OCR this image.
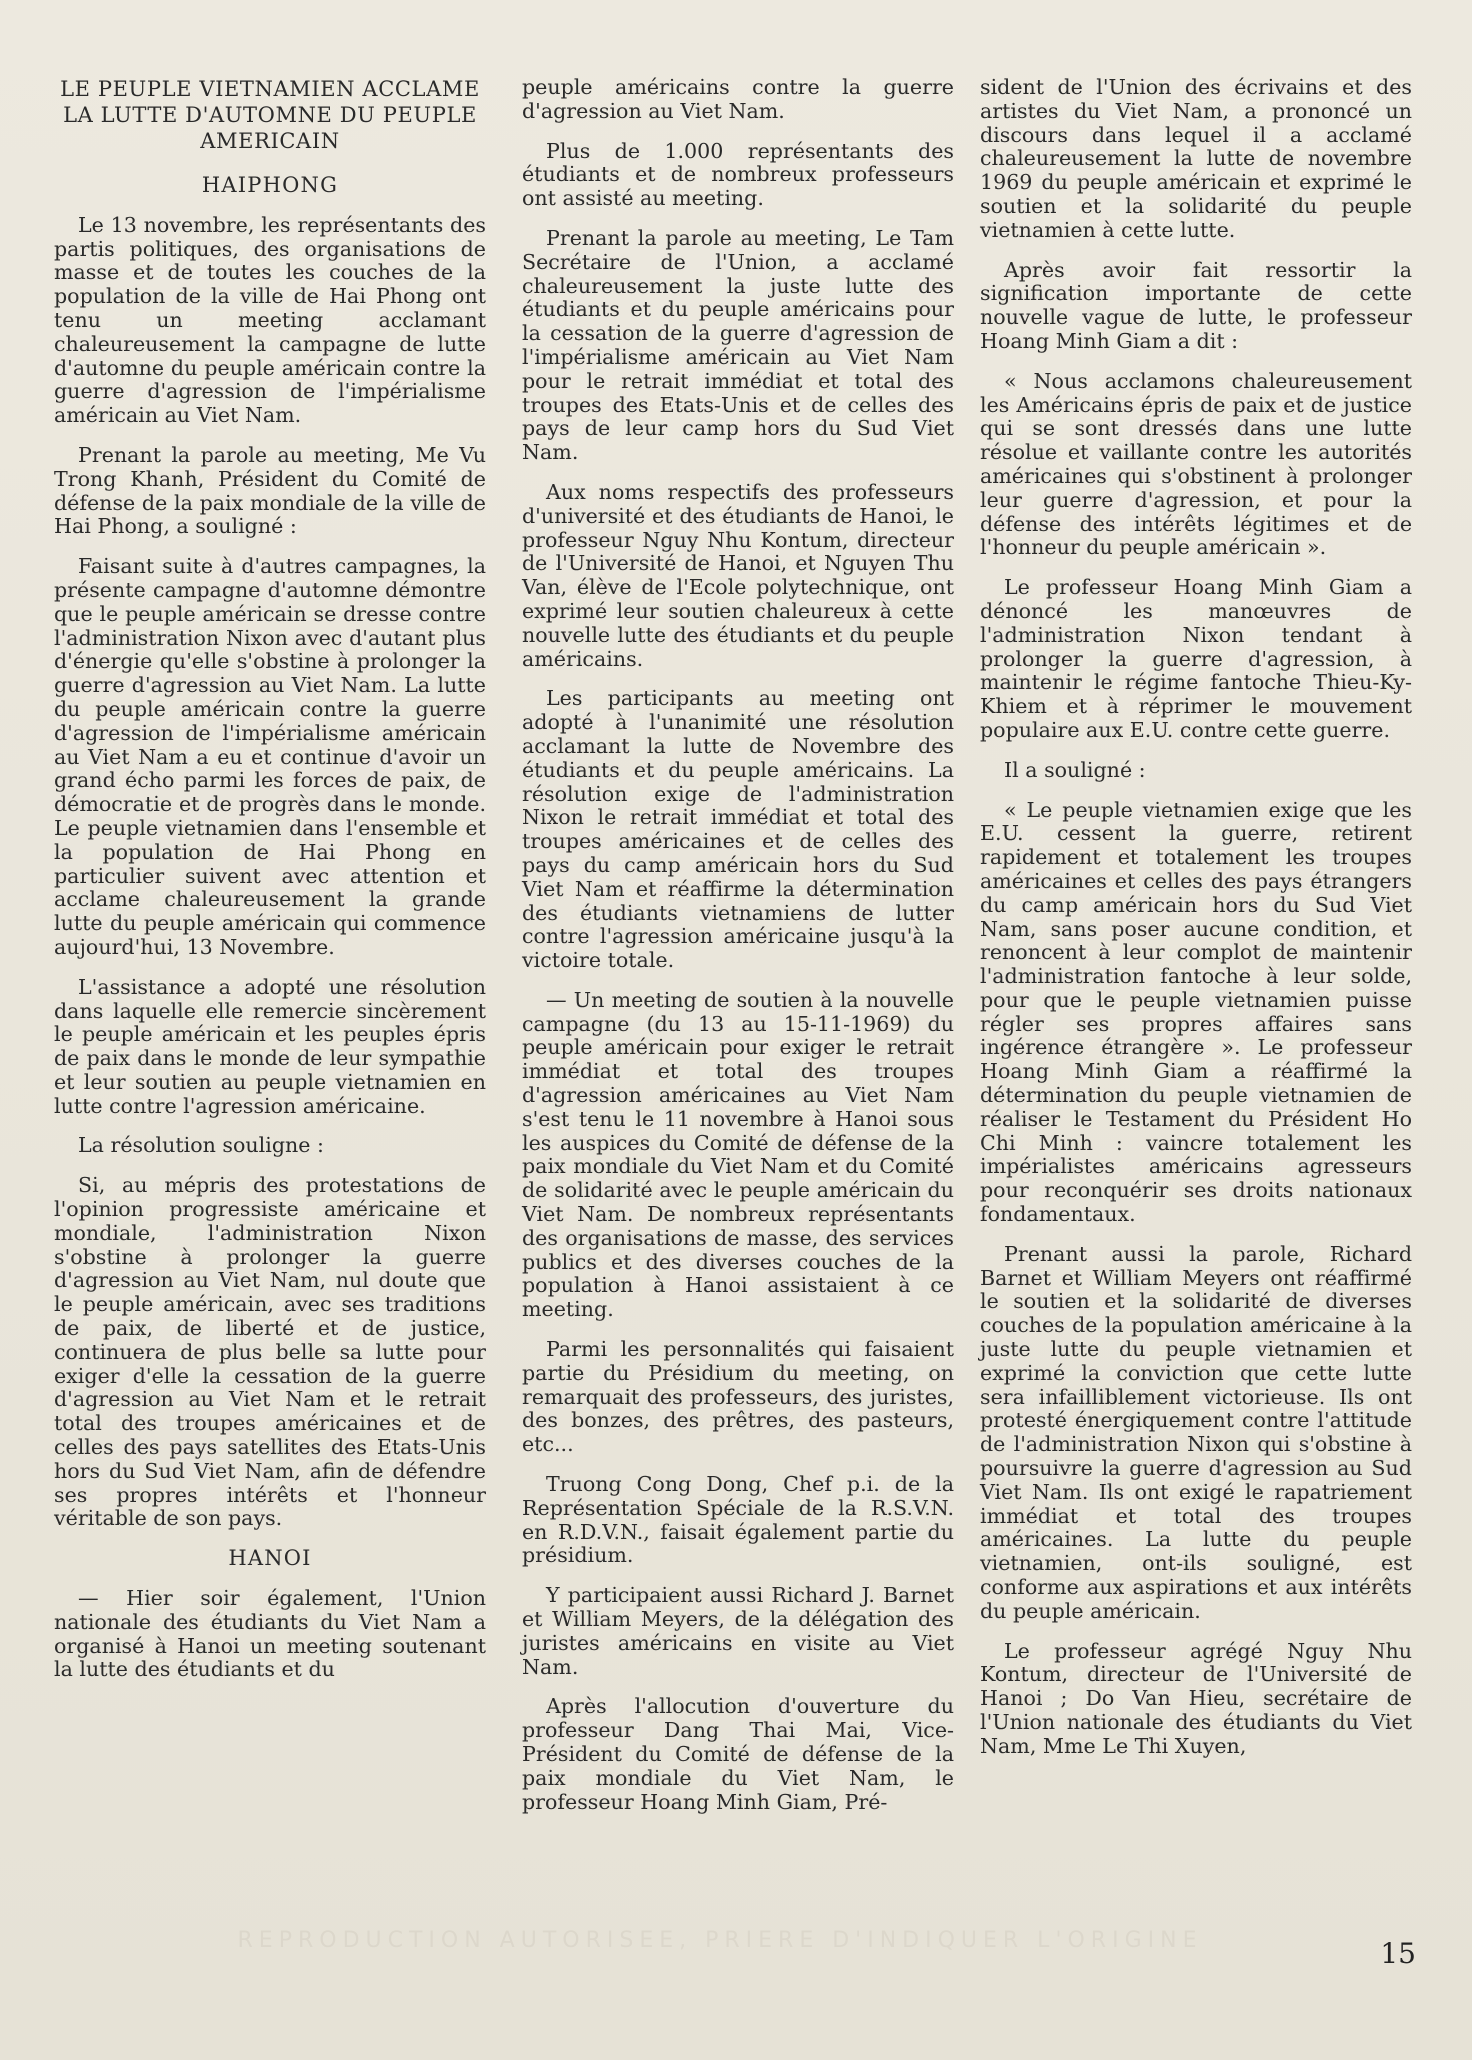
LE PEUPLE VIETNAMIEN ACCLAME LA LUTTE D'AUTOMNE DU PEUPLE AMERICAIN
HAIPHONG

Le 13 novembre, les représentants des partis politiques, des organisations de masse et de toutes les couches de la population de la ville de Hai Phong ont tenu un meeting acclamant chaleureusement la campagne de lutte d'automne du peuple américain contre la guerre d'agression de l'impérialisme américain au Viet Nam.

Prenant la parole au meeting, Me Vu Trong Khanh, Président du Comité de défense de la paix mondiale de la ville de Hai Phong, a souligné :

Faisant suite à d'autres campagnes, la présente campagne d'automne démontre que le peuple américain se dresse contre l'administration Nixon avec d'autant plus d'énergie qu'elle s'obstine à prolonger la guerre d'agression au Viet Nam. La lutte du peuple américain contre la guerre d'agression de l'impérialisme américain au Viet Nam a eu et continue d'avoir un grand écho parmi les forces de paix, de démocratie et de progrès dans le monde. Le peuple vietnamien dans l'ensemble et la population de Hai Phong en particulier suivent avec attention et acclame chaleureusement la grande lutte du peuple américain qui commence aujourd'hui, 13 Novembre.

L'assistance a adopté une résolution dans laquelle elle remercie sincèrement le peuple américain et les peuples épris de paix dans le monde de leur sympathie et leur soutien au peuple vietnamien en lutte contre l'agression américaine.

La résolution souligne :

Si, au mépris des protestations de l'opinion progressiste américaine et mondiale, l'administration Nixon s'obstine à prolonger la guerre d'agression au Viet Nam, nul doute que le peuple américain, avec ses traditions de paix, de liberté et de justice, continuera de plus belle sa lutte pour exiger d'elle la cessation de la guerre d'agression au Viet Nam et le retrait total des troupes américaines et de celles des pays satellites des Etats-Unis hors du Sud Viet Nam, afin de défendre ses propres intérêts et l'honneur véritable de son pays.

HANOI

— Hier soir également, l'Union nationale des étudiants du Viet Nam a organisé à Hanoi un meeting soutenant la lutte des étudiants et du

peuple américains contre la guerre d'agression au Viet Nam.

Plus de 1.000 représentants des étudiants et de nombreux professeurs ont assisté au meeting.

Prenant la parole au meeting, Le Tam Secrétaire de l'Union, a acclamé chaleureusement la juste lutte des étudiants et du peuple américains pour la cessation de la guerre d'agression de l'impérialisme américain au Viet Nam pour le retrait immédiat et total des troupes des Etats-Unis et de celles des pays de leur camp hors du Sud Viet Nam.

Aux noms respectifs des professeurs d'université et des étudiants de Hanoi, le professeur Nguy Nhu Kontum, directeur de l'Université de Hanoi, et Nguyen Thu Van, élève de l'Ecole polytechnique, ont exprimé leur soutien chaleureux à cette nouvelle lutte des étudiants et du peuple américains.

Les participants au meeting ont adopté à l'unanimité une résolution acclamant la lutte de Novembre des étudiants et du peuple américains. La résolution exige de l'administration Nixon le retrait immédiat et total des troupes américaines et de celles des pays du camp américain hors du Sud Viet Nam et réaffirme la détermination des étudiants vietnamiens de lutter contre l'agression américaine jusqu'à la victoire totale.

— Un meeting de soutien à la nouvelle campagne (du 13 au 15-11-1969) du peuple américain pour exiger le retrait immédiat et total des troupes d'agression américaines au Viet Nam s'est tenu le 11 novembre à Hanoi sous les auspices du Comité de défense de la paix mondiale du Viet Nam et du Comité de solidarité avec le peuple américain du Viet Nam. De nombreux représentants des organisations de masse, des services publics et des diverses couches de la population à Hanoi assistaient à ce meeting.

Parmi les personnalités qui faisaient partie du Présidium du meeting, on remarquait des professeurs, des juristes, des bonzes, des prêtres, des pasteurs, etc...

Truong Cong Dong, Chef p.i. de la Représentation Spéciale de la R.S.V.N. en R.D.V.N., faisait également partie du présidium.

Y participaient aussi Richard J. Barnet et William Meyers, de la délégation des juristes américains en visite au Viet Nam.

Après l'allocution d'ouverture du professeur Dang Thai Mai, Vice-Président du Comité de défense de la paix mondiale du Viet Nam, le professeur Hoang Minh Giam, Pré-

sident de l'Union des écrivains et des artistes du Viet Nam, a prononcé un discours dans lequel il a acclamé chaleureusement la lutte de novembre 1969 du peuple américain et exprimé le soutien et la solidarité du peuple vietnamien à cette lutte.

Après avoir fait ressortir la signification importante de cette nouvelle vague de lutte, le professeur Hoang Minh Giam a dit :

« Nous acclamons chaleureusement les Américains épris de paix et de justice qui se sont dressés dans une lutte résolue et vaillante contre les autorités américaines qui s'obstinent à prolonger leur guerre d'agression, et pour la défense des intérêts légitimes et de l'honneur du peuple américain ».

Le professeur Hoang Minh Giam a dénoncé les manœuvres de l'administration Nixon tendant à prolonger la guerre d'agression, à maintenir le régime fantoche Thieu-Ky-Khiem et à réprimer le mouvement populaire aux E.U. contre cette guerre.

Il a souligné :

« Le peuple vietnamien exige que les E.U. cessent la guerre, retirent rapidement et totalement les troupes américaines et celles des pays étrangers du camp américain hors du Sud Viet Nam, sans poser aucune condition, et renoncent à leur complot de maintenir l'administration fantoche à leur solde, pour que le peuple vietnamien puisse régler ses propres affaires sans ingérence étrangère ». Le professeur Hoang Minh Giam a réaffirmé la détermination du peuple vietnamien de réaliser le Testament du Président Ho Chi Minh : vaincre totalement les impérialistes américains agresseurs pour reconquérir ses droits nationaux fondamentaux.

Prenant aussi la parole, Richard Barnet et William Meyers ont réaffirmé le soutien et la solidarité de diverses couches de la population américaine à la juste lutte du peuple vietnamien et exprimé la conviction que cette lutte sera infailliblement victorieuse. Ils ont protesté énergiquement contre l'attitude de l'administration Nixon qui s'obstine à poursuivre la guerre d'agression au Sud Viet Nam. Ils ont exigé le rapatriement immédiat et total des troupes américaines. La lutte du peuple vietnamien, ont-ils souligné, est conforme aux aspirations et aux intérêts du peuple américain.

Le professeur agrégé Nguy Nhu Kontum, directeur de l'Université de Hanoi ; Do Van Hieu, secrétaire de l'Union nationale des étudiants du Viet Nam, Mme Le Thi Xuyen,

REPRODUCTION AUTORISEE, PRIERE D'INDIQUER L'ORIGINE	15
